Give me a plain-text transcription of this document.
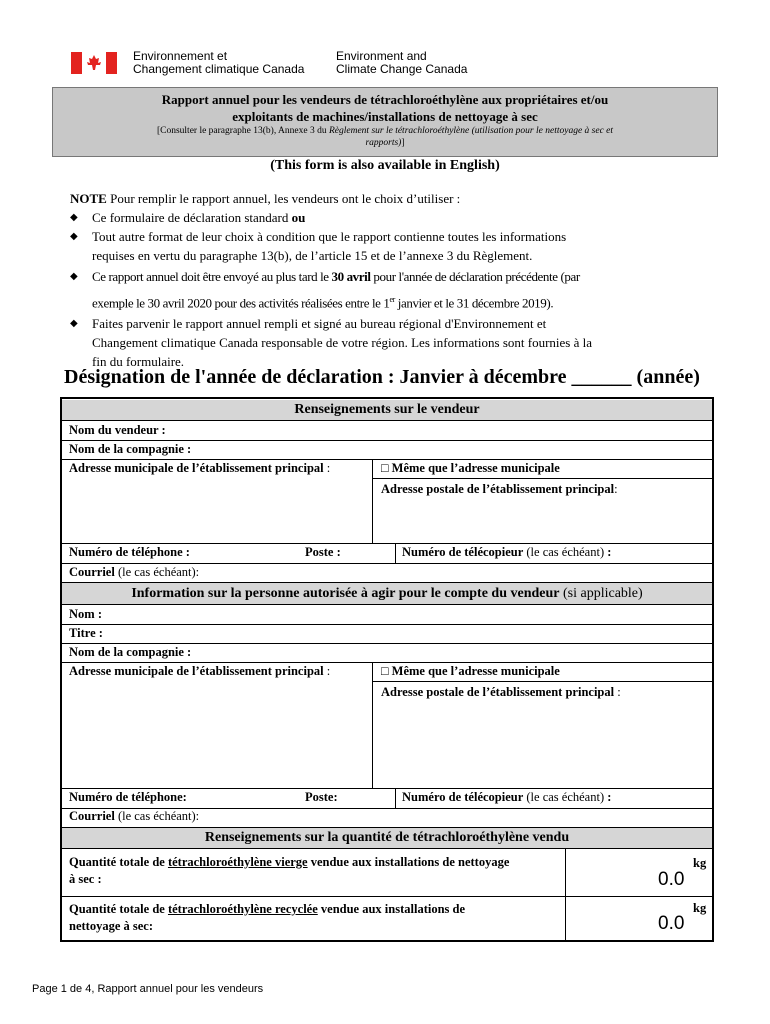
Environnement et
Changement climatique Canada
Environment and
Climate Change Canada
Rapport annuel pour les vendeurs de tétrachloroéthylène aux propriétaires et/ou
exploitants de machines/installations de nettoyage à sec
[Consulter le paragraphe 13(b), Annexe 3 du Règlement sur le tétrachloroéthylène (utilisation pour le nettoyage à sec et
rapports)]
(This form is also available in English)
NOTE Pour remplir le rapport annuel, les vendeurs ont le choix d’utiliser :
◆	Ce formulaire de déclaration standard ou
◆	Tout autre format de leur choix à condition que le rapport contienne toutes les informations
requises en vertu du paragraphe 13(b), de l’article 15 et de l’annexe 3 du Règlement.
◆	Ce rapport annuel doit être envoyé au plus tard le 30 avril pour l'année de déclaration précédente (par
exemple le 30 avril 2020 pour des activités réalisées entre le 1er janvier et le 31 décembre 2019).
◆	Faites parvenir le rapport annuel rempli et signé au bureau régional d'Environnement et
Changement climatique Canada responsable de votre région. Les informations sont fournies à la
fin du formulaire.
Désignation de l'année de déclaration : Janvier à décembre ______ (année)
Renseignements sur le vendeur
Nom du vendeur :
Nom de la compagnie :
Adresse municipale de l’établissement principal :	□ Même que l’adresse municipale
Adresse postale de l’établissement principal:
Numéro de téléphone :	Poste :	Numéro de télécopieur (le cas échéant) :
Courriel (le cas échéant):
Information sur la personne autorisée à agir pour le compte du vendeur (si applicable)
Nom :
Titre :
Nom de la compagnie :
Adresse municipale de l’établissement principal :	□ Même que l’adresse municipale
Adresse postale de l’établissement principal :
Numéro de téléphone:	Poste:	Numéro de télécopieur (le cas échéant) :
Courriel (le cas échéant):
Renseignements sur la quantité de tétrachloroéthylène vendu
Quantité totale de tétrachloroéthylène vierge vendue aux installations de nettoyage
à sec :	0.0
kg
Quantité totale de tétrachloroéthylène recyclée vendue aux installations de
nettoyage à sec:	0.0
kg
Page 1 de 4, Rapport annuel pour les vendeurs
